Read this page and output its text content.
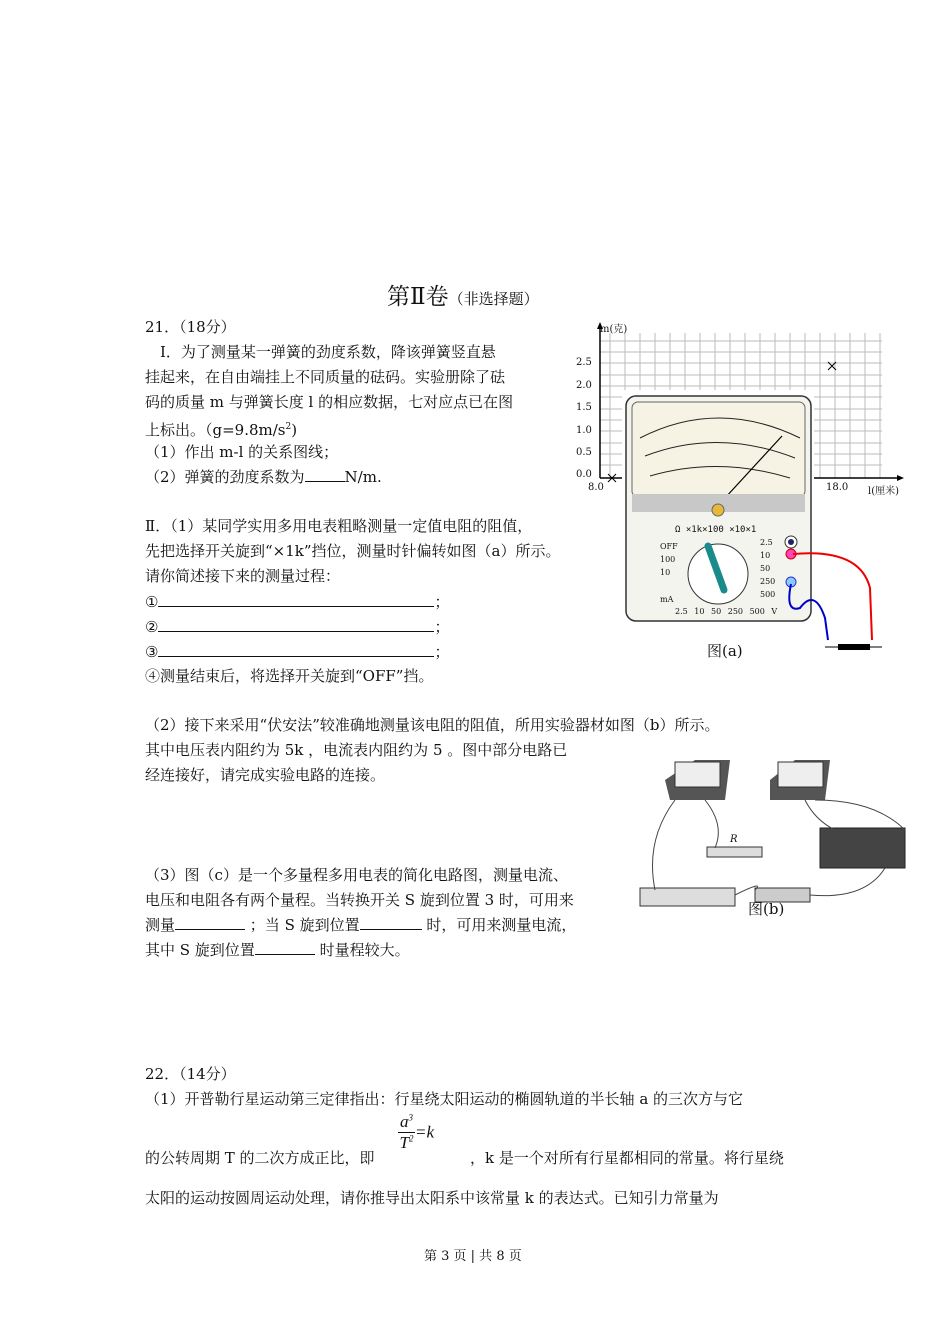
第Ⅱ卷（非选择题）
21．（18分）
Ⅰ．为了测量某一弹簧的劲度系数，降该弹簧竖直悬
挂起来，在自由端挂上不同质量的砝码。实验册除了砝
码的质量 m 与弹簧长度 l 的相应数据，七对应点已在图
上标出。$(g=9.8m/s^2)$
（1）作出 m-l 的关系图线；
（2）弹簧的劲度系数为	N/m.
Ⅱ．（1）某同学实用多用电表粗略测量一定值电阻的阻值，
先把选择开关旋到“×1k”挡位，测量时针偏转如图（a）所示。
请你简述接下来的测量过程：
①	；
②	；
③	；
④测量结束后，将选择开关旋到“OFF”挡。
（2）接下来采用“伏安法”较准确地测量该电阻的阻值，所用实验器材如图（b）所示。
其中电压表内阻约为 5k ，电流表内阻约为 5 。图中部分电路已
经连接好，请完成实验电路的连接。
（3）图（c）是一个多量程多用电表的简化电路图，测量电流、
电压和电阻各有两个量程。当转换开关 S 旋到位置 3 时，可用来
测量	；当 S 旋到位置	时，可用来测量电流，
其中 S 旋到位置	时量程较大。
m(克)
2.5
2.0
1.5
1.0
0.5
0.0
8.0	18.0 l(厘米)
Ω ×1k×100 ×10×1
OFF
100
10
mA
2.5
10
50
250
500
2.5 10 50 250 500 V
图(a)
R
图(b)
22．（14分）
（1）开普勒行星运动第三定律指出：行星绕太阳运动的椭圆轨道的半长轴 a 的三次方与它
的公转周期 T 的二次方成正比，即
$\frac{a^3}{T^2} =k$
，k 是一个对所有行星都相同的常量。将行星绕
太阳的运动按圆周运动处理，请你推导出太阳系中该常量 k 的表达式。已知引力常量为
第 3 页 | 共 8 页
